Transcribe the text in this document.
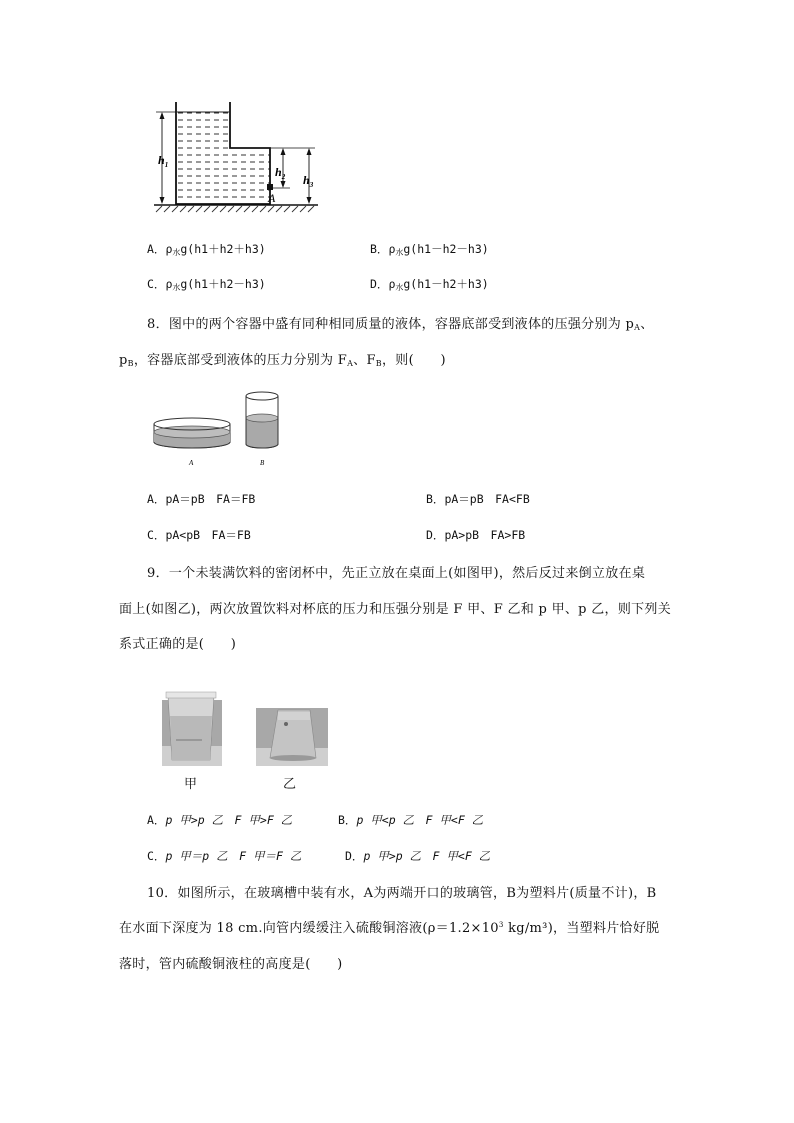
$h_1$	$h_2$
A
$h_3$
A．$\rho_水g(h1+h2+h3)$	B．$\rho_水g(h1-h2-h3)$
C．$\rho_水g(h1+h2-h3)$	D．$\rho_水g(h1-h2+h3)$
8．图中的两个容器中盛有同种相同质量的液体，容器底部受到液体的压强分别为 $p_A$、
$p_B$，容器底部受到液体的压力分别为 $F_A$、$F_B$，则(　　)
A	B
A．pA＝pB　FA＝FB	B．pA＝pB　FA<FB
C．pA<pB　FA＝FB	D．pA>pB　FA>FB
9．一个未装满饮料的密闭杯中，先正立放在桌面上(如图甲)，然后反过来倒立放在桌
面上(如图乙)，两次放置饮料对杯底的压力和压强分别是 F 甲、F 乙和 p 甲、p 乙，则下列关
系式正确的是(　　)
甲	乙
A．p 甲>p 乙　F 甲>F 乙	B．p 甲<p 乙　F 甲<F 乙
C．p 甲＝p 乙　F 甲＝F 乙	D．p 甲>p 乙　F 甲<F 乙
10．如图所示，在玻璃槽中装有水，A为两端开口的玻璃管，B为塑料片(质量不计)，B
在水面下深度为 18 cm.向管内缓缓注入硫酸铜溶液($\rho=1.2\times 10^3$ kg/m³)，当塑料片恰好脱
落时，管内硫酸铜液柱的高度是(　　)
